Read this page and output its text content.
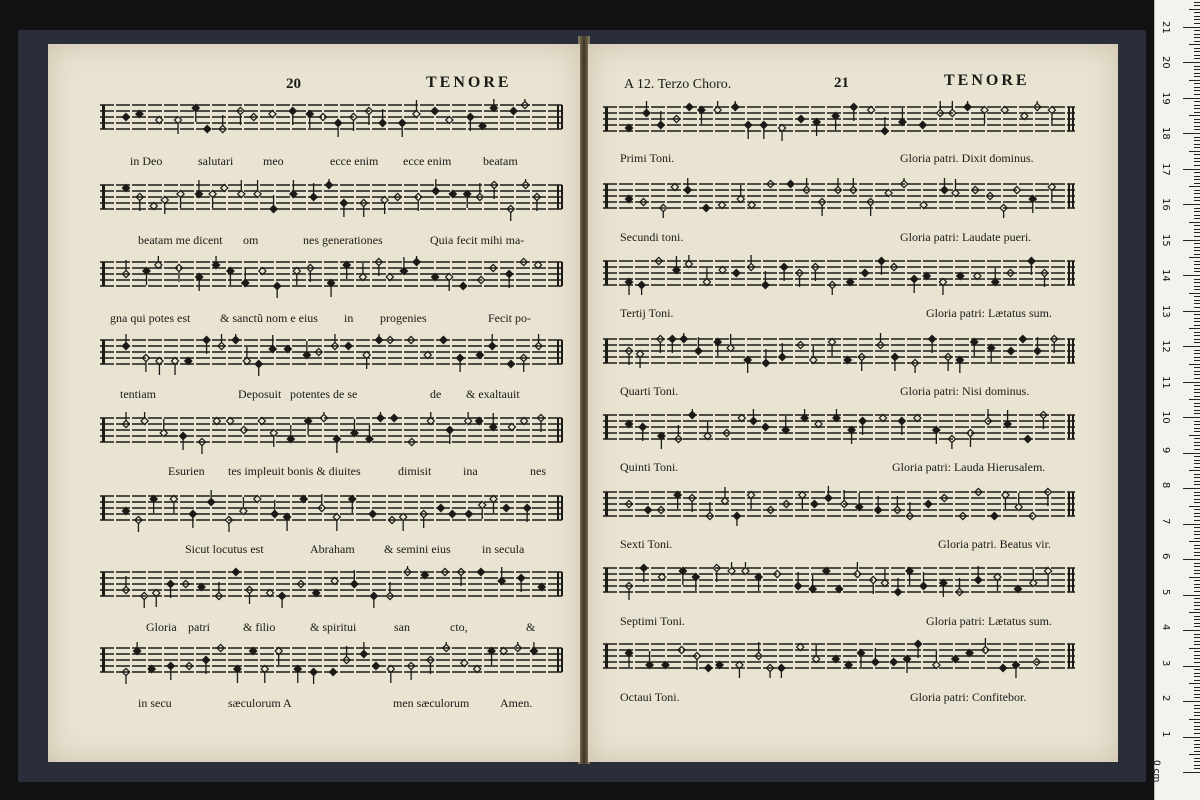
20	TENORE
in Deo	salutari meo	ecce enim ecce enim	beatam
beatam me dicent om	nes generationes	Quia fecit mihi ma-
gna qui potes est & sanctũ nom e eius in progenies	Fecit po-
tentiam	Deposuit potentes de se	de & exaltauit
Esurien tes impleuit bonis & diuites	dimisit	ina	nes
Sicut locutus est	Abraham & semini eius	in secula
Gloria patri	& filio	& spiritui	san	cto,	&
in secu	sæculorum A	men sæculorum	Amen.
A 12. Terzo Choro.	21	TENORE
Primi Toni.	Gloria patri. Dixit dominus.
Secundi toni.	Gloria patri: Laudate pueri.
Tertij Toni.	Gloria patri: Lætatus sum.
Quarti Toni.	Gloria patri: Nisi dominus.
Quinti Toni.	Gloria patri: Lauda Hierusalem.
Sexti Toni.	Gloria patri. Beatus vir.
Septimi Toni.	Gloria patri: Lætatus sum.
Octaui Toni.	Gloria patri: Confitebor.
0 cm
1
2
3
4
5
6
7
8
9
10
11
12
13
14
15
16
17
18
19
20
21
